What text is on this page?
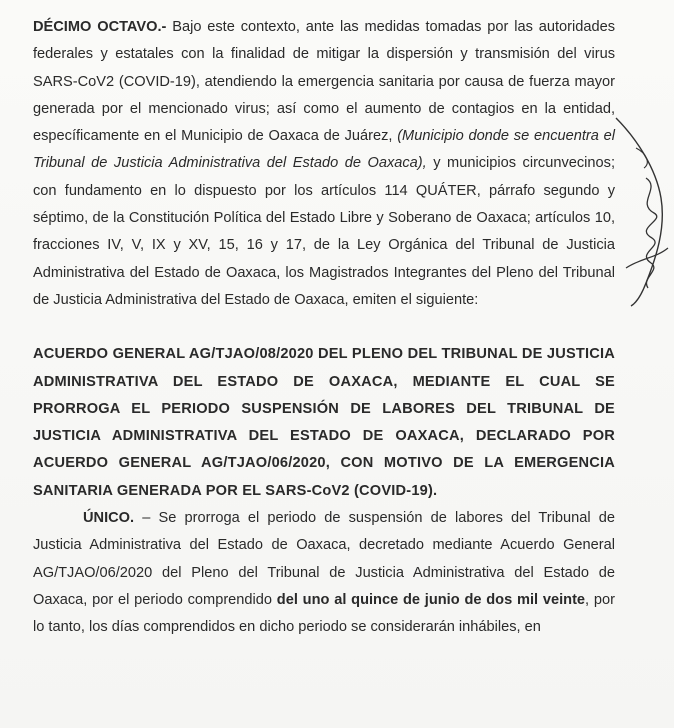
DÉCIMO OCTAVO.- Bajo este contexto, ante las medidas tomadas por las autoridades federales y estatales con la finalidad de mitigar la dispersión y transmisión del virus SARS-CoV2 (COVID-19), atendiendo la emergencia sanitaria por causa de fuerza mayor generada por el mencionado virus; así como el aumento de contagios en la entidad, específicamente en el Municipio de Oaxaca de Juárez, (Municipio donde se encuentra el Tribunal de Justicia Administrativa del Estado de Oaxaca), y municipios circunvecinos; con fundamento en lo dispuesto por los artículos 114 QUÁTER, párrafo segundo y séptimo, de la Constitución Política del Estado Libre y Soberano de Oaxaca; artículos 10, fracciones IV, V, IX y XV, 15, 16 y 17, de la Ley Orgánica del Tribunal de Justicia Administrativa del Estado de Oaxaca, los Magistrados Integrantes del Pleno del Tribunal de Justicia Administrativa del Estado de Oaxaca, emiten el siguiente:

ACUERDO GENERAL AG/TJAO/08/2020 DEL PLENO DEL TRIBUNAL DE JUSTICIA ADMINISTRATIVA DEL ESTADO DE OAXACA, MEDIANTE EL CUAL SE PRORROGA EL PERIODO SUSPENSIÓN DE LABORES DEL TRIBUNAL DE JUSTICIA ADMINISTRATIVA DEL ESTADO DE OAXACA, DECLARADO POR ACUERDO GENERAL AG/TJAO/06/2020, CON MOTIVO DE LA EMERGENCIA SANITARIA GENERADA POR EL SARS-CoV2 (COVID-19).

ÚNICO. – Se prorroga el periodo de suspensión de labores del Tribunal de Justicia Administrativa del Estado de Oaxaca, decretado mediante Acuerdo General AG/TJAO/06/2020 del Pleno del Tribunal de Justicia Administrativa del Estado de Oaxaca, por el periodo comprendido del uno al quince de junio de dos mil veinte, por lo tanto, los días comprendidos en dicho periodo se considerarán inhábiles, en
